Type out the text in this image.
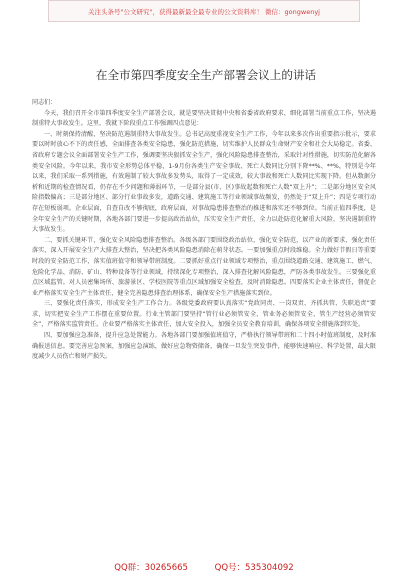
关注头条号"公文研究"，获得最新最全最专业的公文资料库！ 微信：gongwenyj
在全市第四季度安全生产部署会议上的讲话

同志们：

今天，我们召开全市第四季度安全生产部署会议，就是要坚决贯彻中央和省委省政府要求，细化部署当前重点工作，坚决遏制重特大事故发生。这里，我就下阶段重点工作强调四点意见：

一、时刻保持清醒，坚决防范遏制重特大事故发生。总书记高度重视安全生产工作，今年以来多次作出重要指示批示，要求要以时时放心不下的责任感，全面排查各类安全隐患，强化防范措施，切实维护人民群众生命财产安全和社会大局稳定。省委、省政府专题会议全面部署安全生产工作，强调要坚决狠抓安全生产，强化风险隐患排查整治，采取针对性措施，切实防范化解各类安全风险。今年以来，我市安全形势总体平稳，1-9月份各类生产安全事故、死亡人数同比分别下降**%、**%，特别是今年以来，我们采取一系列措施，有效遏制了较大事故多发势头，取得了一定成效，较大事故和死亡人数同比实现下降。但从数据分析和近期的检查情况看，仍存在不少问题和薄弱环节，一是部分县(市、区)事故起数和死亡人数“双上升”；二是部分地区安全风险指数偏高；三是部分地区、部分行业事故多发，道路交通、建筑施工等行业领域事故频发，仍然处于“双上升”；四是专项行动存在短板弱项。企业层面，自查自改不够彻底，政府层面，对事故隐患排查整治的推进和落实还不够到位。当前正值四季度，是全年安全生产的关键时期，各地各部门要进一步提高政治站位，压实安全生产责任，全力以赴防范化解重大风险，坚决遏制重特大事故发生。

二、要抓关键环节，强化安全风险隐患排查整治。各级各部门要围绕政治站位，强化安全防范，以产业的新要求，强化责任落实，深入开展安全生产大排查大整治，坚决把各类风险隐患消除在萌芽状态。一要加强重点时段维稳。全力做好节假日等重要时段的安全防范工作，落实值班值守和领导带班制度。二要抓好重点行业领域专项整治，重点围绕道路交通、建筑施工、燃气、危险化学品、消防、矿山、特种设备等行业领域，持续深化专项整治，深入排查化解风险隐患，严防各类事故发生。三要强化重点区域监管。对人员密集场所、旅游景区、学校医院等重点区域加强安全检查，及时消除隐患。四要落实企业主体责任，督促企业严格落实安全生产主体责任，健全完善隐患排查治理体系，确保安全生产措施落实到位。

三、要强化责任落实，形成安全生产工作合力。各级党委政府要认真落实“党政同责、一岗双责、齐抓共管、失职追责”要求，切实把安全生产工作摆在重要位置。行业主管部门要坚持“管行业必须管安全、管业务必须管安全、管生产经营必须管安全”，严格落实监管责任。企业要严格落实主体责任，加大安全投入，加强全员安全教育培训，确保各项安全措施落到实处。

四、要加强应急准备，提升应急处置能力。各地各部门要加强值班值守，严格执行领导带班和二十四小时值班制度，及时准确报送信息。要完善应急预案，加强应急演练，做好应急物资储备，确保一旦发生突发事件，能够快速响应、科学处置，最大限度减少人员伤亡和财产损失。

QQ群：30265665	QQ号：535304092
